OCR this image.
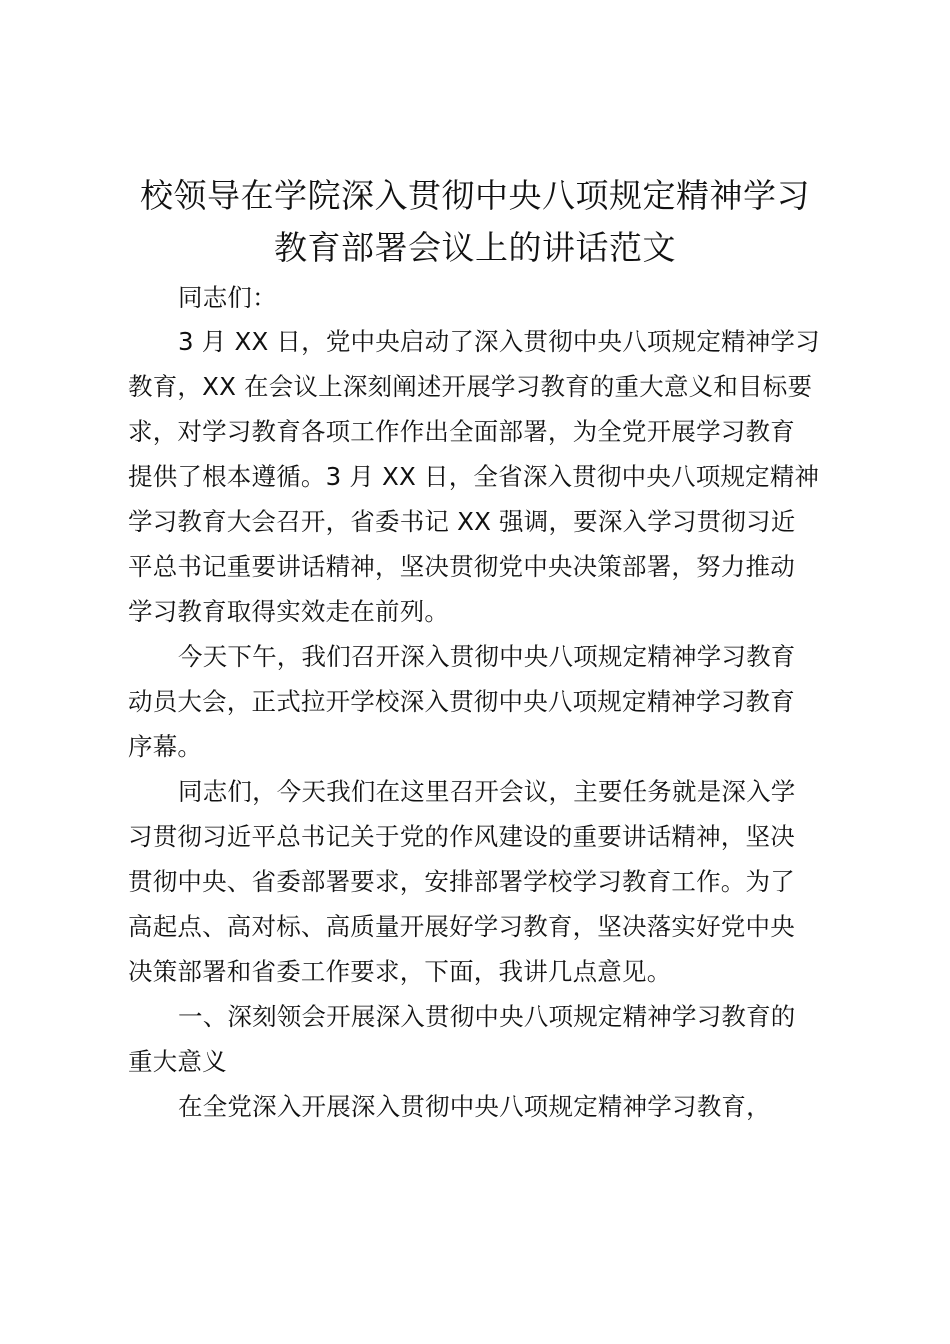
校领导在学院深入贯彻中央八项规定精神学习
教育部署会议上的讲话范文
同志们：
3 月 XX 日，党中央启动了深入贯彻中央八项规定精神学习
教育，XX 在会议上深刻阐述开展学习教育的重大意义和目标要
求，对学习教育各项工作作出全面部署，为全党开展学习教育
提供了根本遵循。3 月 XX 日，全省深入贯彻中央八项规定精神
学习教育大会召开，省委书记 XX 强调，要深入学习贯彻习近
平总书记重要讲话精神，坚决贯彻党中央决策部署，努力推动
学习教育取得实效走在前列。
今天下午，我们召开深入贯彻中央八项规定精神学习教育
动员大会，正式拉开学校深入贯彻中央八项规定精神学习教育
序幕。
同志们，今天我们在这里召开会议，主要任务就是深入学
习贯彻习近平总书记关于党的作风建设的重要讲话精神，坚决
贯彻中央、省委部署要求，安排部署学校学习教育工作。为了
高起点、高对标、高质量开展好学习教育，坚决落实好党中央
决策部署和省委工作要求，下面，我讲几点意见。
一、深刻领会开展深入贯彻中央八项规定精神学习教育的
重大意义
在全党深入开展深入贯彻中央八项规定精神学习教育，
